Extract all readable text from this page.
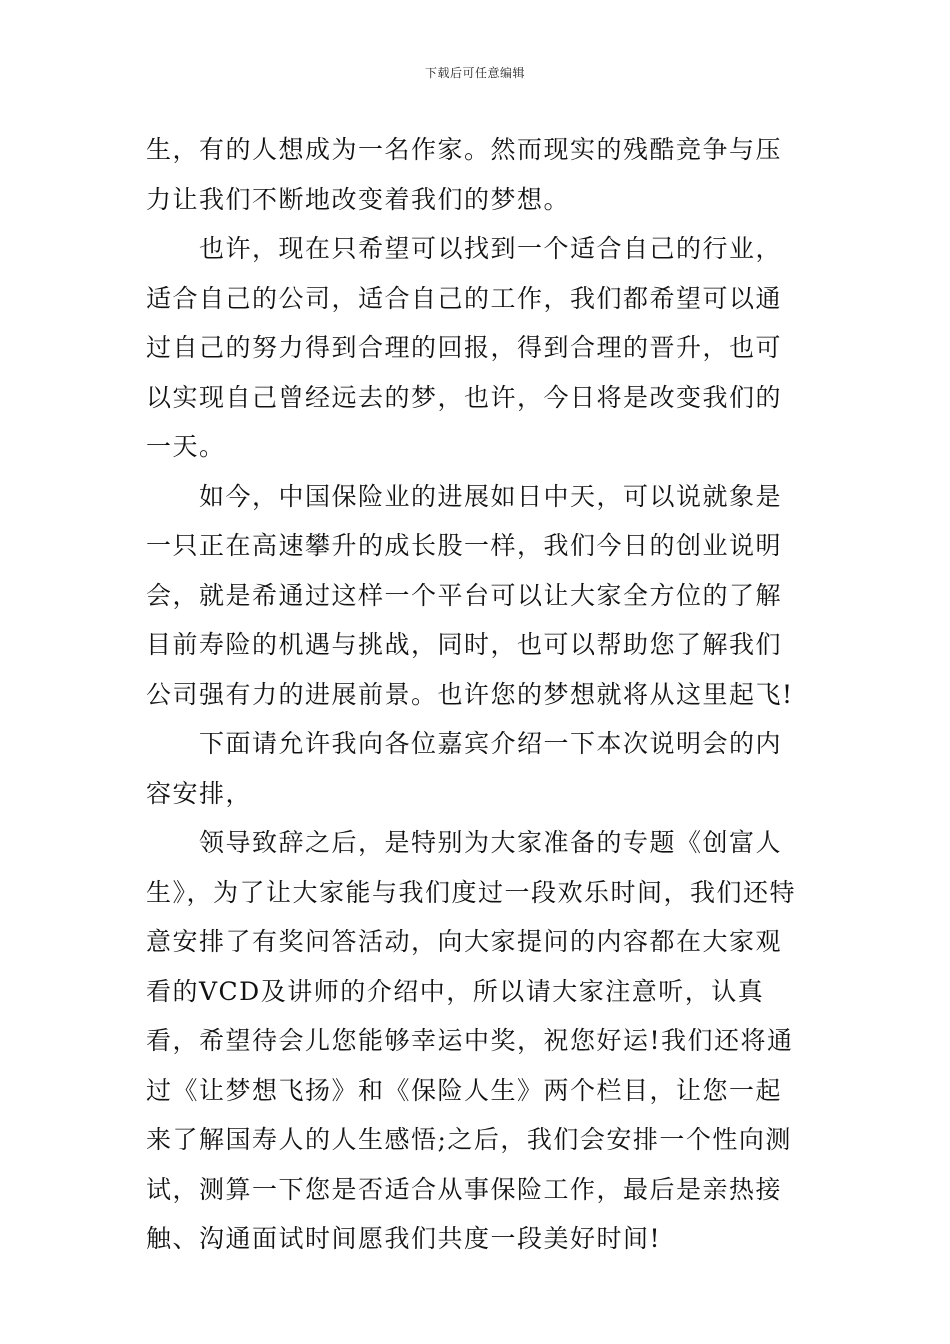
下载后可任意编辑

生，有的人想成为一名作家。然而现实的残酷竞争与压力让我们不断地改变着我们的梦想。

也许，现在只希望可以找到一个适合自己的行业，适合自己的公司，适合自己的工作，我们都希望可以通过自己的努力得到合理的回报，得到合理的晋升，也可以实现自己曾经远去的梦，也许，今日将是改变我们的一天。

如今，中国保险业的进展如日中天，可以说就象是一只正在高速攀升的成长股一样，我们今日的创业说明会，就是希通过这样一个平台可以让大家全方位的了解目前寿险的机遇与挑战，同时，也可以帮助您了解我们公司强有力的进展前景。也许您的梦想就将从这里起飞!

下面请允许我向各位嘉宾介绍一下本次说明会的内容安排，

领导致辞之后，是特别为大家准备的专题《创富人生》，为了让大家能与我们度过一段欢乐时间，我们还特意安排了有奖问答活动，向大家提问的内容都在大家观看的VCD及讲师的介绍中，所以请大家注意听，认真看，希望待会儿您能够幸运中奖，祝您好运!我们还将通过《让梦想飞扬》和《保险人生》两个栏目，让您一起来了解国寿人的人生感悟;之后，我们会安排一个性向测试，测算一下您是否适合从事保险工作，最后是亲热接触、沟通面试时间愿我们共度一段美好时间!
